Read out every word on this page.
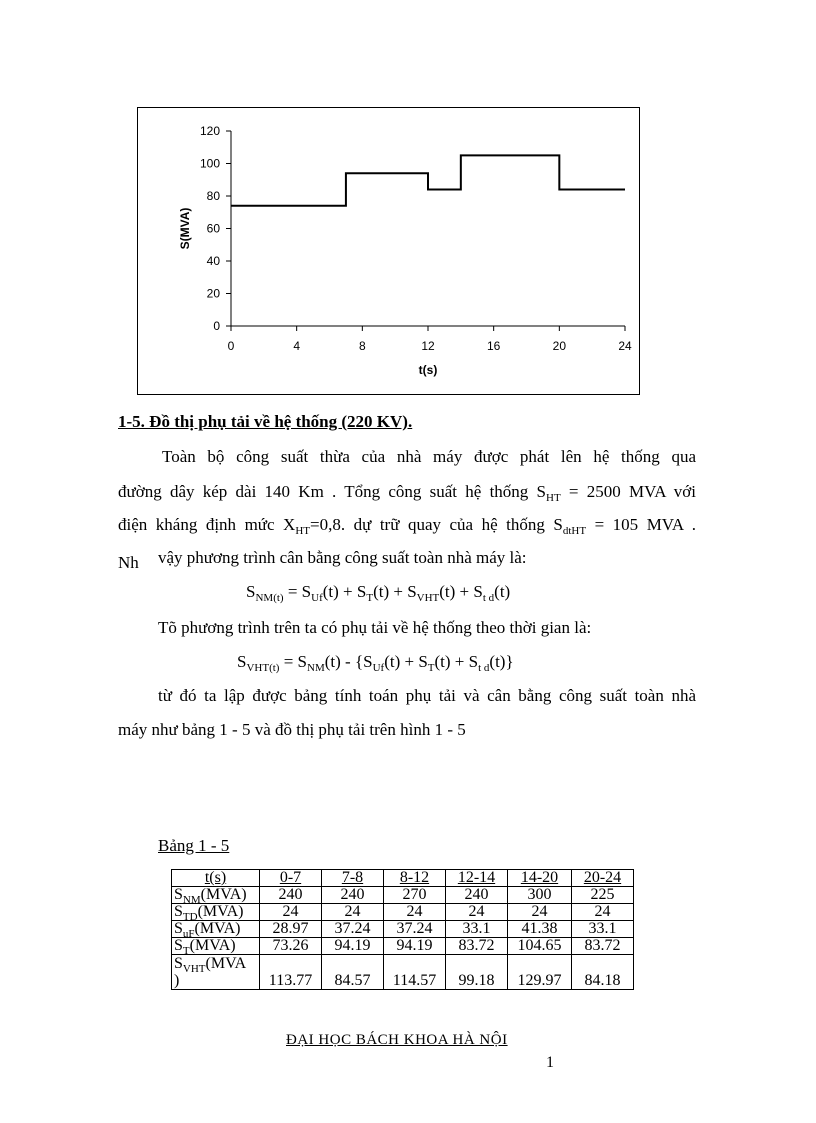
0
20
40
60
80
100
120
0	4	8	12	16	20	24
t(s)
S(MVA)

1-5. Đồ thị phụ tải về hệ thống (220 KV).

Toàn bộ công suất thừa của nhà máy được phát lên hệ thống qua

đường dây kép dài 140 Km . Tổng công suất hệ thống $S_{HT} = 2500$ MVA với

điện kháng định mức $X_{HT}=0,8$. dự trữ quay của hệ thống $S_{dtHT} = 105$ MVA .

Nh vậy phương trình cân bằng công suất toàn nhà máy là:

$S_{NM(t)} = S_{Uf}(t) + S_T(t) + S_{VHT}(t) + S_{t d}(t)$

Tõ phương trình trên ta có phụ tải về hệ thống theo thời gian là:

$S_{VHT(t)} = S_{NM}(t) - \{S_{Uf}(t) + S_T(t) + S_{t d}(t)\}$

từ đó ta lập được bảng tính toán phụ tải và cân bằng công suất toàn nhà

máy như bảng 1 - 5 và đồ thị phụ tải trên hình 1 - 5

Bảng 1 - 5

t(s)	0-7	7-8	8-12	12-14	14-20	20-24
$S_{NM}(MVA)$	240	240	270	240	300	225
$S_{TD}(MVA)$	24	24	24	24	24	24
$S_{uF}(MVA)$	28.97	37.24	37.24	33.1	41.38	33.1
$S_T(MVA)$	73.26	94.19	94.19	83.72	104.65	83.72
$S_{VHT}(MVA$
)	113.77	84.57	114.57	99.18	129.97	84.18

ĐẠI HỌC BÁCH KHOA HÀ NỘI

1
